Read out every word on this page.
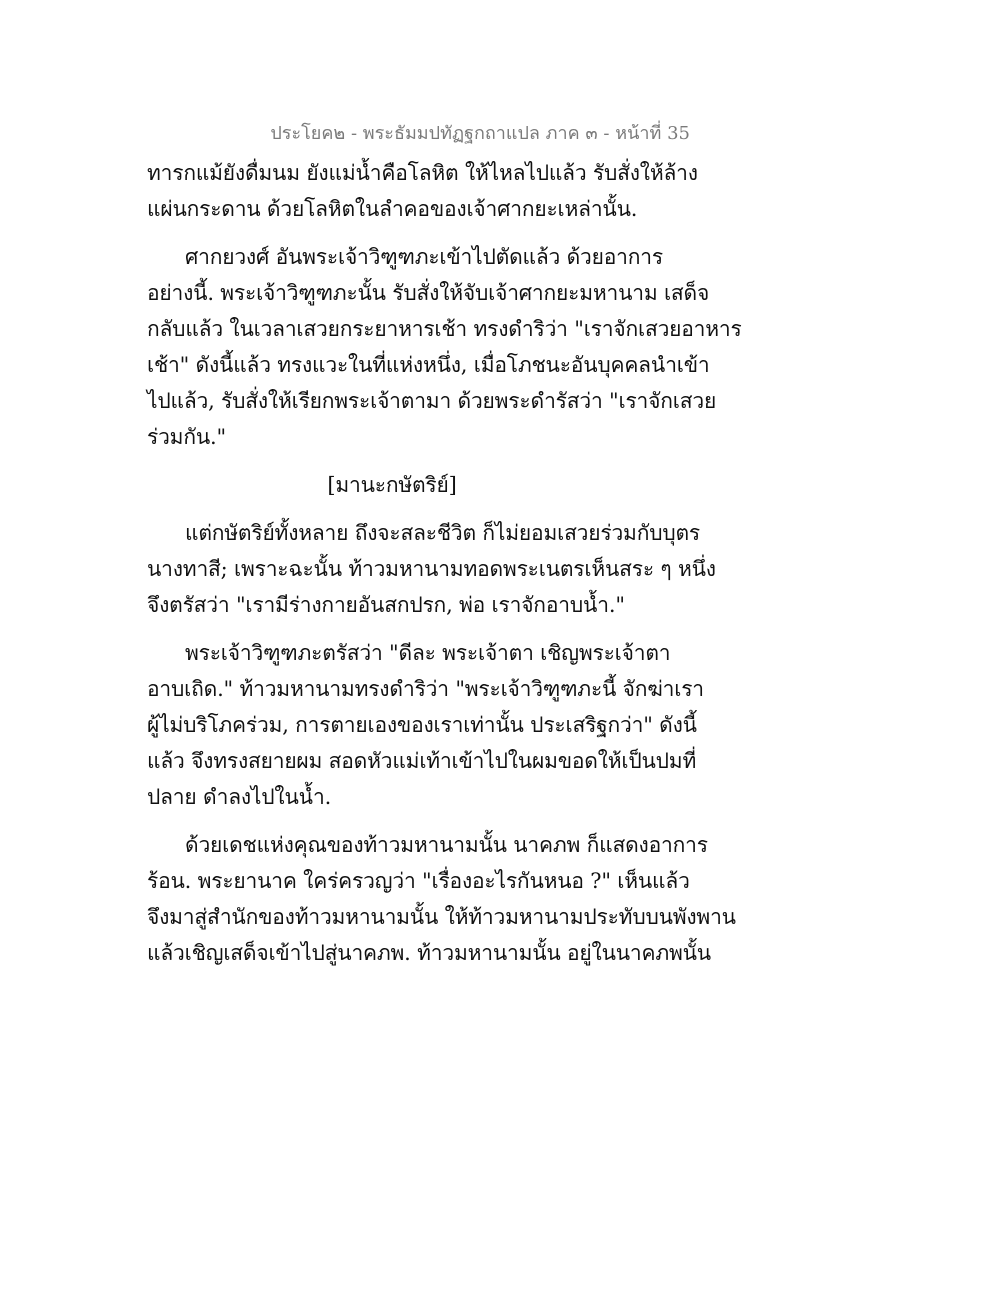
ประโยค๒ - พระธัมมปทัฏฐกถาแปล ภาค ๓ - หน้าที่ 35
ทารกแม้ยังดื่มนม ยังแม่น้ำคือโลหิต ให้ไหลไปแล้ว รับสั่งให้ล้าง
แผ่นกระดาน ด้วยโลหิตในลำคอของเจ้าศากยะเหล่านั้น.
ศากยวงศ์ อันพระเจ้าวิฑูฑภะเข้าไปตัดแล้ว ด้วยอาการ
อย่างนี้. พระเจ้าวิฑูฑภะนั้น รับสั่งให้จับเจ้าศากยะมหานาม เสด็จ
กลับแล้ว ในเวลาเสวยกระยาหารเช้า ทรงดำริว่า "เราจักเสวยอาหาร
เช้า" ดังนี้แล้ว ทรงแวะในที่แห่งหนึ่ง, เมื่อโภชนะอันบุคคลนำเข้า
ไปแล้ว, รับสั่งให้เรียกพระเจ้าตามา ด้วยพระดำรัสว่า "เราจักเสวย
ร่วมกัน."
[มานะกษัตริย์]
แต่กษัตริย์ทั้งหลาย ถึงจะสละชีวิต ก็ไม่ยอมเสวยร่วมกับบุตร
นางทาสี; เพราะฉะนั้น ท้าวมหานามทอดพระเนตรเห็นสระ ๆ หนึ่ง
จึงตรัสว่า "เรามีร่างกายอันสกปรก, พ่อ เราจักอาบน้ำ."
พระเจ้าวิฑูฑภะตรัสว่า "ดีละ พระเจ้าตา เชิญพระเจ้าตา
อาบเถิด." ท้าวมหานามทรงดำริว่า "พระเจ้าวิฑูฑภะนี้ จักฆ่าเรา
ผู้ไม่บริโภคร่วม, การตายเองของเราเท่านั้น ประเสริฐกว่า" ดังนี้
แล้ว จึงทรงสยายผม สอดหัวแม่เท้าเข้าไปในผมขอดให้เป็นปมที่
ปลาย ดำลงไปในน้ำ.
ด้วยเดชแห่งคุณของท้าวมหานามนั้น นาคภพ ก็แสดงอาการ
ร้อน. พระยานาค ใคร่ครวญว่า "เรื่องอะไรกันหนอ ?" เห็นแล้ว
จึงมาสู่สำนักของท้าวมหานามนั้น ให้ท้าวมหานามประทับบนพังพาน
แล้วเชิญเสด็จเข้าไปสู่นาคภพ. ท้าวมหานามนั้น อยู่ในนาคภพนั้น
